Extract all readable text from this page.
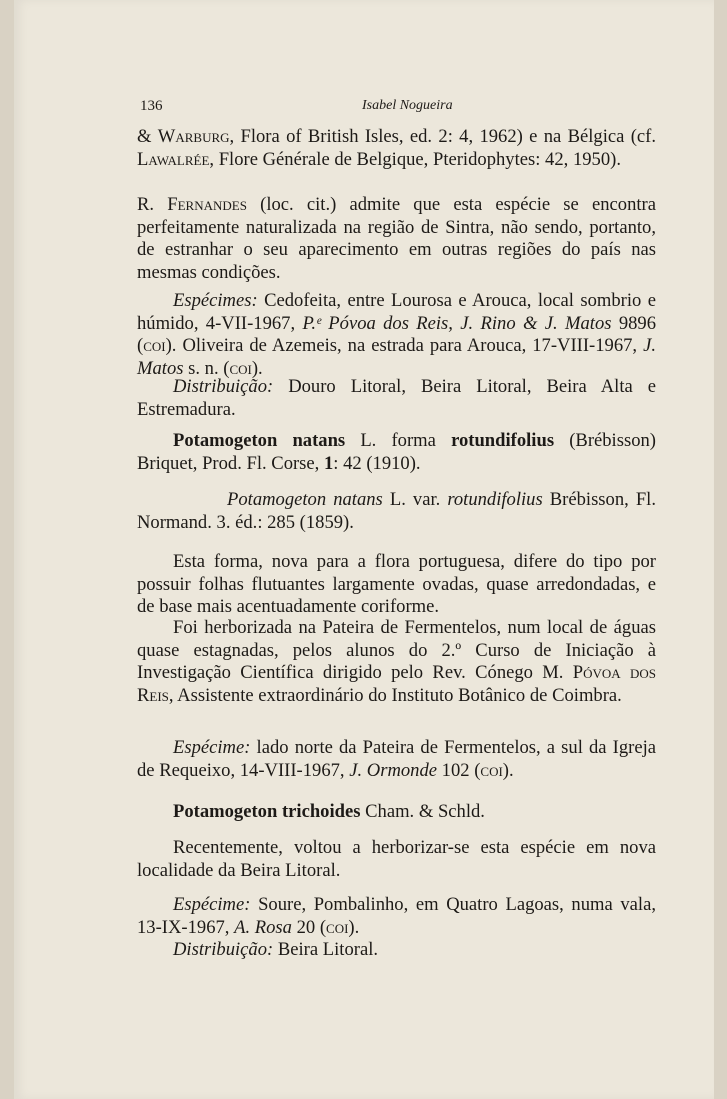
136	Isabel Nogueira

& Warburg, Flora of British Isles, ed. 2: 4, 1962) e na Bélgica (cf. Lawalrée, Flore Générale de Belgique, Pteridophytes: 42, 1950).

R. Fernandes (loc. cit.) admite que esta espécie se encontra perfeitamente naturalizada na região de Sintra, não sendo, portanto, de estranhar o seu aparecimento em outras regiões do país nas mesmas condições.

Espécimes: Cedofeita, entre Lourosa e Arouca, local sombrio e húmido, 4-VII-1967, P.ᵉ Póvoa dos Reis, J. Rino & J. Matos 9896 (coi). Oliveira de Azemeis, na estrada para Arouca, 17-VIII-1967, J. Matos s. n. (coi).

Distribuição: Douro Litoral, Beira Litoral, Beira Alta e Estremadura.

Potamogeton natans L. forma rotundifolius (Brébisson) Briquet, Prod. Fl. Corse, 1: 42 (1910).

Potamogeton natans L. var. rotundifolius Brébisson, Fl. Normand. 3. éd.: 285 (1859).

Esta forma, nova para a flora portuguesa, difere do tipo por possuir folhas flutuantes largamente ovadas, quase arredondadas, e de base mais acentuadamente coriforme.

Foi herborizada na Pateira de Fermentelos, num local de águas quase estagnadas, pelos alunos do 2.º Curso de Iniciação à Investigação Científica dirigido pelo Rev. Cónego M. Póvoa dos Reis, Assistente extraordinário do Instituto Botânico de Coimbra.

Espécime: lado norte da Pateira de Fermentelos, a sul da Igreja de Requeixo, 14-VIII-1967, J. Ormonde 102 (coi).

Potamogeton trichoides Cham. & Schld.

Recentemente, voltou a herborizar-se esta espécie em nova localidade da Beira Litoral.

Espécime: Soure, Pombalinho, em Quatro Lagoas, numa vala, 13-IX-1967, A. Rosa 20 (coi).

Distribuição: Beira Litoral.
